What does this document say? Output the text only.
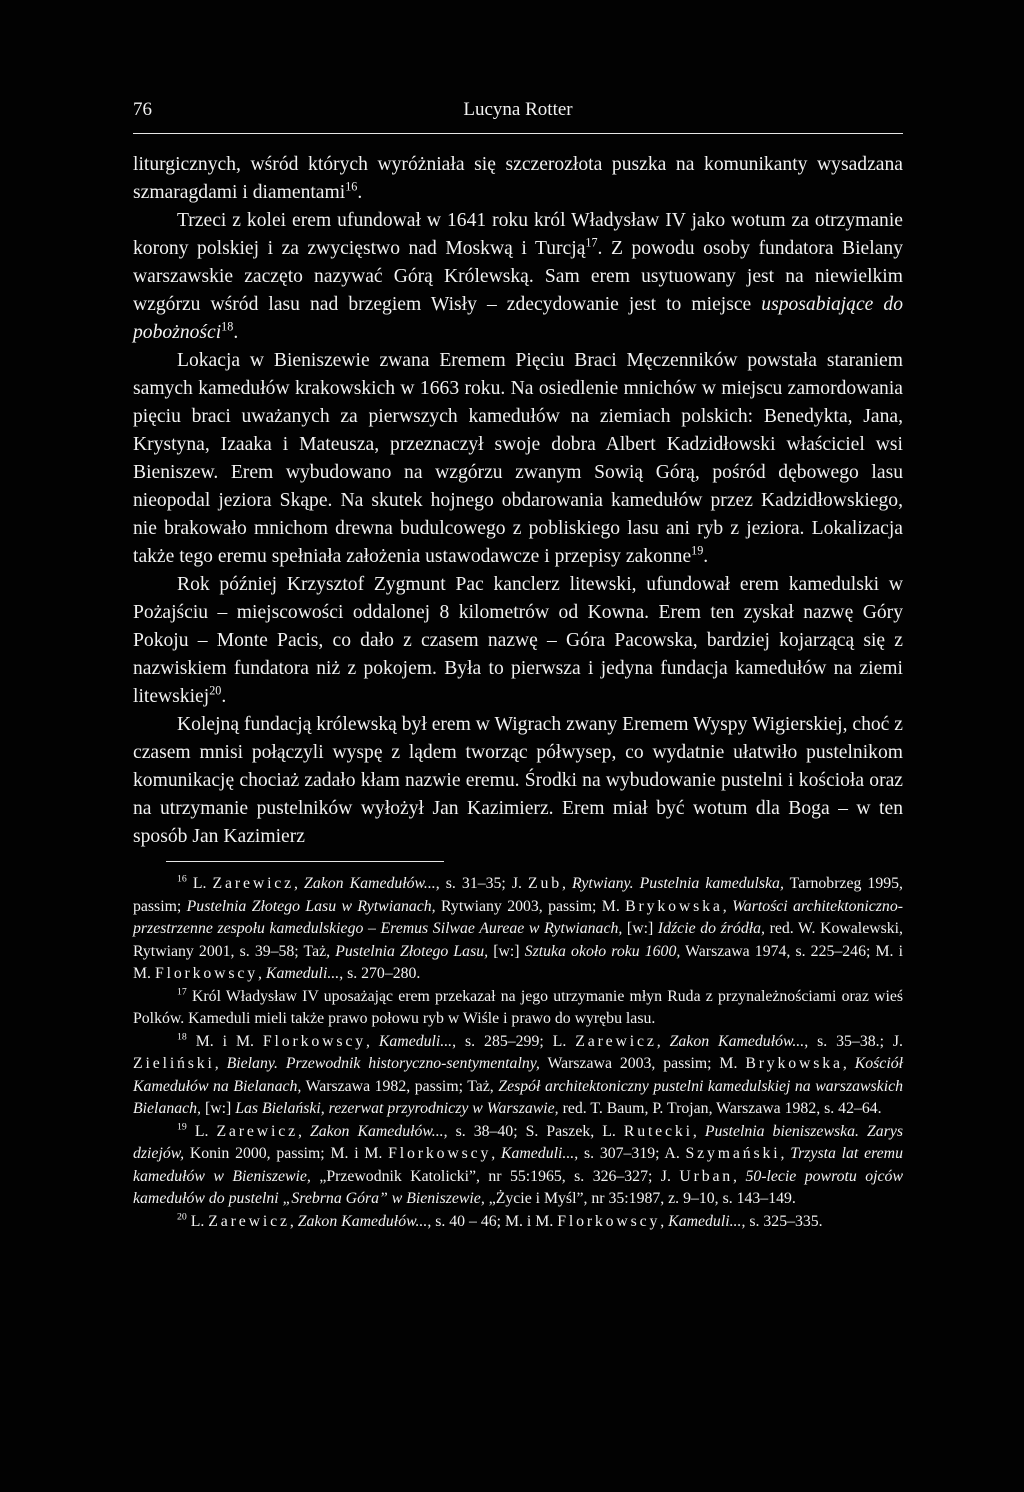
76	Lucyna Rotter

liturgicznych, wśród których wyróżniała się szczerozłota puszka na komunikanty wysadzana szmaragdami i diamentami$^{16}$.

Trzeci z kolei erem ufundował w 1641 roku król Władysław IV jako wotum za otrzymanie korony polskiej i za zwycięstwo nad Moskwą i Turcją$^{17}$. Z powodu osoby fundatora Bielany warszawskie zaczęto nazywać Górą Królewską. Sam erem usytuowany jest na niewielkim wzgórzu wśród lasu nad brzegiem Wisły – zdecydowanie jest to miejsce usposabiające do pobożności$^{18}$.

Lokacja w Bieniszewie zwana Eremem Pięciu Braci Męczenników powstała staraniem samych kamedułów krakowskich w 1663 roku. Na osiedlenie mnichów w miejscu zamordowania pięciu braci uważanych za pierwszych kamedułów na ziemiach polskich: Benedykta, Jana, Krystyna, Izaaka i Mateusza, przeznaczył swoje dobra Albert Kadzidłowski właściciel wsi Bieniszew. Erem wybudowano na wzgórzu zwanym Sowią Górą, pośród dębowego lasu nieopodal jeziora Skąpe. Na skutek hojnego obdarowania kamedułów przez Kadzidłowskiego, nie brakowało mnichom drewna budulcowego z pobliskiego lasu ani ryb z jeziora. Lokalizacja także tego eremu spełniała założenia ustawodawcze i przepisy zakonne$^{19}$.

Rok później Krzysztof Zygmunt Pac kanclerz litewski, ufundował erem kamedulski w Pożajściu – miejscowości oddalonej 8 kilometrów od Kowna. Erem ten zyskał nazwę Góry Pokoju – Monte Pacis, co dało z czasem nazwę – Góra Pacowska, bardziej kojarzącą się z nazwiskiem fundatora niż z pokojem. Była to pierwsza i jedyna fundacja kamedułów na ziemi litewskiej$^{20}$.

Kolejną fundacją królewską był erem w Wigrach zwany Eremem Wyspy Wigierskiej, choć z czasem mnisi połączyli wyspę z lądem tworząc półwysep, co wydatnie ułatwiło pustelnikom komunikację chociaż zadało kłam nazwie eremu. Środki na wybudowanie pustelni i kościoła oraz na utrzymanie pustelników wyłożył Jan Kazimierz. Erem miał być wotum dla Boga – w ten sposób Jan Kazimierz

$^{16}$ L. Zarewicz, Zakon Kamedułów..., s. 31–35; J. Zub, Rytwiany. Pustelnia kamedulska, Tarnobrzeg 1995, passim; Pustelnia Złotego Lasu w Rytwianach, Rytwiany 2003, passim; M. Brykowska, Wartości architektoniczno-przestrzenne zespołu kamedulskiego – Eremus Silwae Aureae w Rytwianach, [w:] Idźcie do źródła, red. W. Kowalewski, Rytwiany 2001, s. 39–58; Taż, Pustelnia Złotego Lasu, [w:] Sztuka około roku 1600, Warszawa 1974, s. 225–246; M. i M. Florkowscy, Kameduli..., s. 270–280.

$^{17}$ Król Władysław IV uposażając erem przekazał na jego utrzymanie młyn Ruda z przynależnościami oraz wieś Polków. Kameduli mieli także prawo połowu ryb w Wiśle i prawo do wyrębu lasu.

$^{18}$ M. i M. Florkowscy, Kameduli..., s. 285–299; L. Zarewicz, Zakon Kamedułów..., s. 35–38.; J. Zieliński, Bielany. Przewodnik historyczno-sentymentalny, Warszawa 2003, passim; M. Brykowska, Kościół Kamedułów na Bielanach, Warszawa 1982, passim; Taż, Zespół architektoniczny pustelni kamedulskiej na warszawskich Bielanach, [w:] Las Bielański, rezerwat przyrodniczy w Warszawie, red. T. Baum, P. Trojan, Warszawa 1982, s. 42–64.

$^{19}$ L. Zarewicz, Zakon Kamedułów..., s. 38–40; S. Paszek, L. Rutecki, Pustelnia bieniszewska. Zarys dziejów, Konin 2000, passim; M. i M. Florkowscy, Kameduli..., s. 307–319; A. Szymański, Trzysta lat eremu kamedułów w Bieniszewie, „Przewodnik Katolicki”, nr 55:1965, s. 326–327; J. Urban, 50-lecie powrotu ojców kamedułów do pustelni „Srebrna Góra” w Bieniszewie, „Życie i Myśl”, nr 35:1987, z. 9–10, s. 143–149.

$^{20}$ L. Zarewicz, Zakon Kamedułów..., s. 40 – 46; M. i M. Florkowscy, Kameduli..., s. 325–335.
